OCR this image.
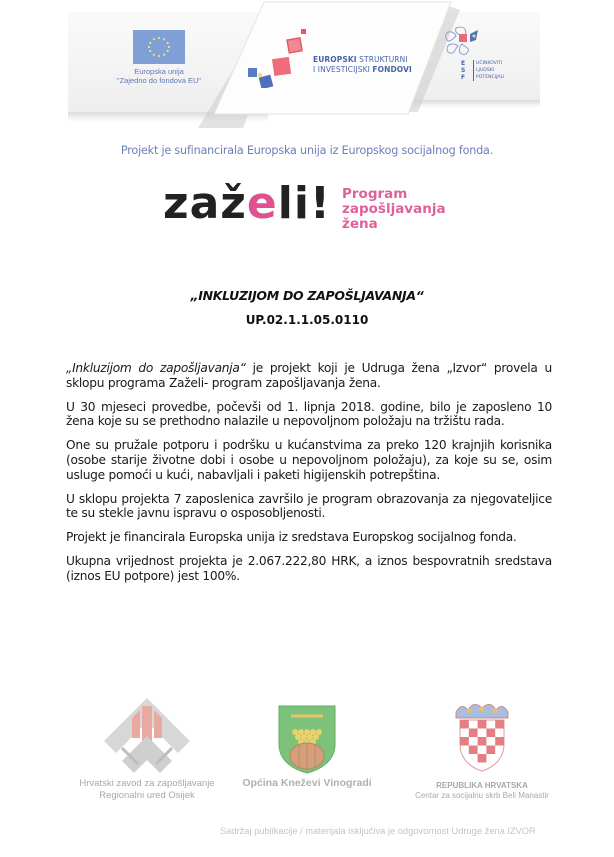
Europska unija
"Zajedno do fondova EU"
EUROPSKI STRUKTURNI
I INVESTICIJSKI FONDOVI
E
S
F
UČINKOVITI
LJUDSKI
POTENCIJALI
Projekt je sufinancirala Europska unija iz Europskog socijalnog fonda.
zaželi! Program
zapošljavanja
žena
„INKLUZIJOM DO ZAPOŠLJAVANJA“
UP.02.1.1.05.0110

„Inkluzijom do zapošljavanja“ je projekt koji je Udruga žena „Izvor“ provela u sklopu programa Zaželi- program zapošljavanja žena.

U 30 mjeseci provedbe, počevši od 1. lipnja 2018. godine, bilo je zaposleno 10 žena koje su se prethodno nalazile u nepovoljnom položaju na tržištu rada.

One su pružale potporu i podršku u kućanstvima za preko 120 krajnjih korisnika (osobe starije životne dobi i osobe u nepovoljnom položaju), za koje su se, osim usluge pomoći u kući, nabavljali i paketi higijenskih potrepština.

U sklopu projekta 7 zaposlenica završilo je program obrazovanja za njegovateljice te su stekle javnu ispravu o osposobljenosti.

Projekt je financirala Europska unija iz sredstava Europskog socijalnog fonda.

Ukupna vrijednost projekta je 2.067.222,80 HRK, a iznos bespovratnih sredstava (iznos EU potpore) jest 100%.

Hrvatski zavod za zapošljavanje
Regionalni ured Osijek
Općina Kneževi Vinogradi	REPUBLIKA HRVATSKA
Centar za socijalnu skrb Beli Manastir
Sadržaj publikacije / materijala isključiva je odgovornost Udruge žena IZVOR
